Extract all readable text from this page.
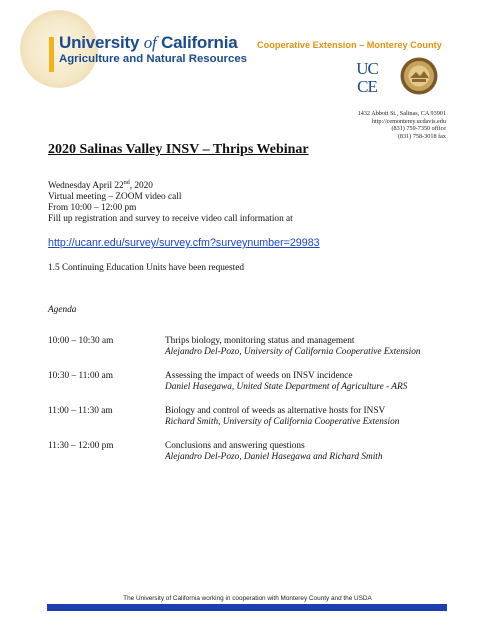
University of California
Agriculture and Natural Resources
Cooperative Extension – Monterey County
UC
CE
1432 Abbott St., Salinas, CA 93901
http://cemonterey.ucdavis.edu
(831) 759-7350 office
(831) 758-3018 fax
2020 Salinas Valley INSV – Thrips Webinar
Wednesday April 22nd, 2020
Virtual meeting – ZOOM video call
From 10:00 – 12:00 pm
Fill up registration and survey to receive video call information at
http://ucanr.edu/survey/survey.cfm?surveynumber=29983
1.5 Continuing Education Units have been requested
Agenda
10:00 – 10:30 am	Thrips biology, monitoring status and management
Alejandro Del-Pozo, University of California Cooperative Extension
10:30 – 11:00 am	Assessing the impact of weeds on INSV incidence
Daniel Hasegawa, United State Department of Agriculture - ARS
11:00 – 11:30 am	Biology and control of weeds as alternative hosts for INSV
Richard Smith, University of California Cooperative Extension
11:30 – 12:00 pm	Conclusions and answering questions
Alejandro Del-Pozo, Daniel Hasegawa and Richard Smith
The University of California working in cooperation with Monterey County and the USDA
